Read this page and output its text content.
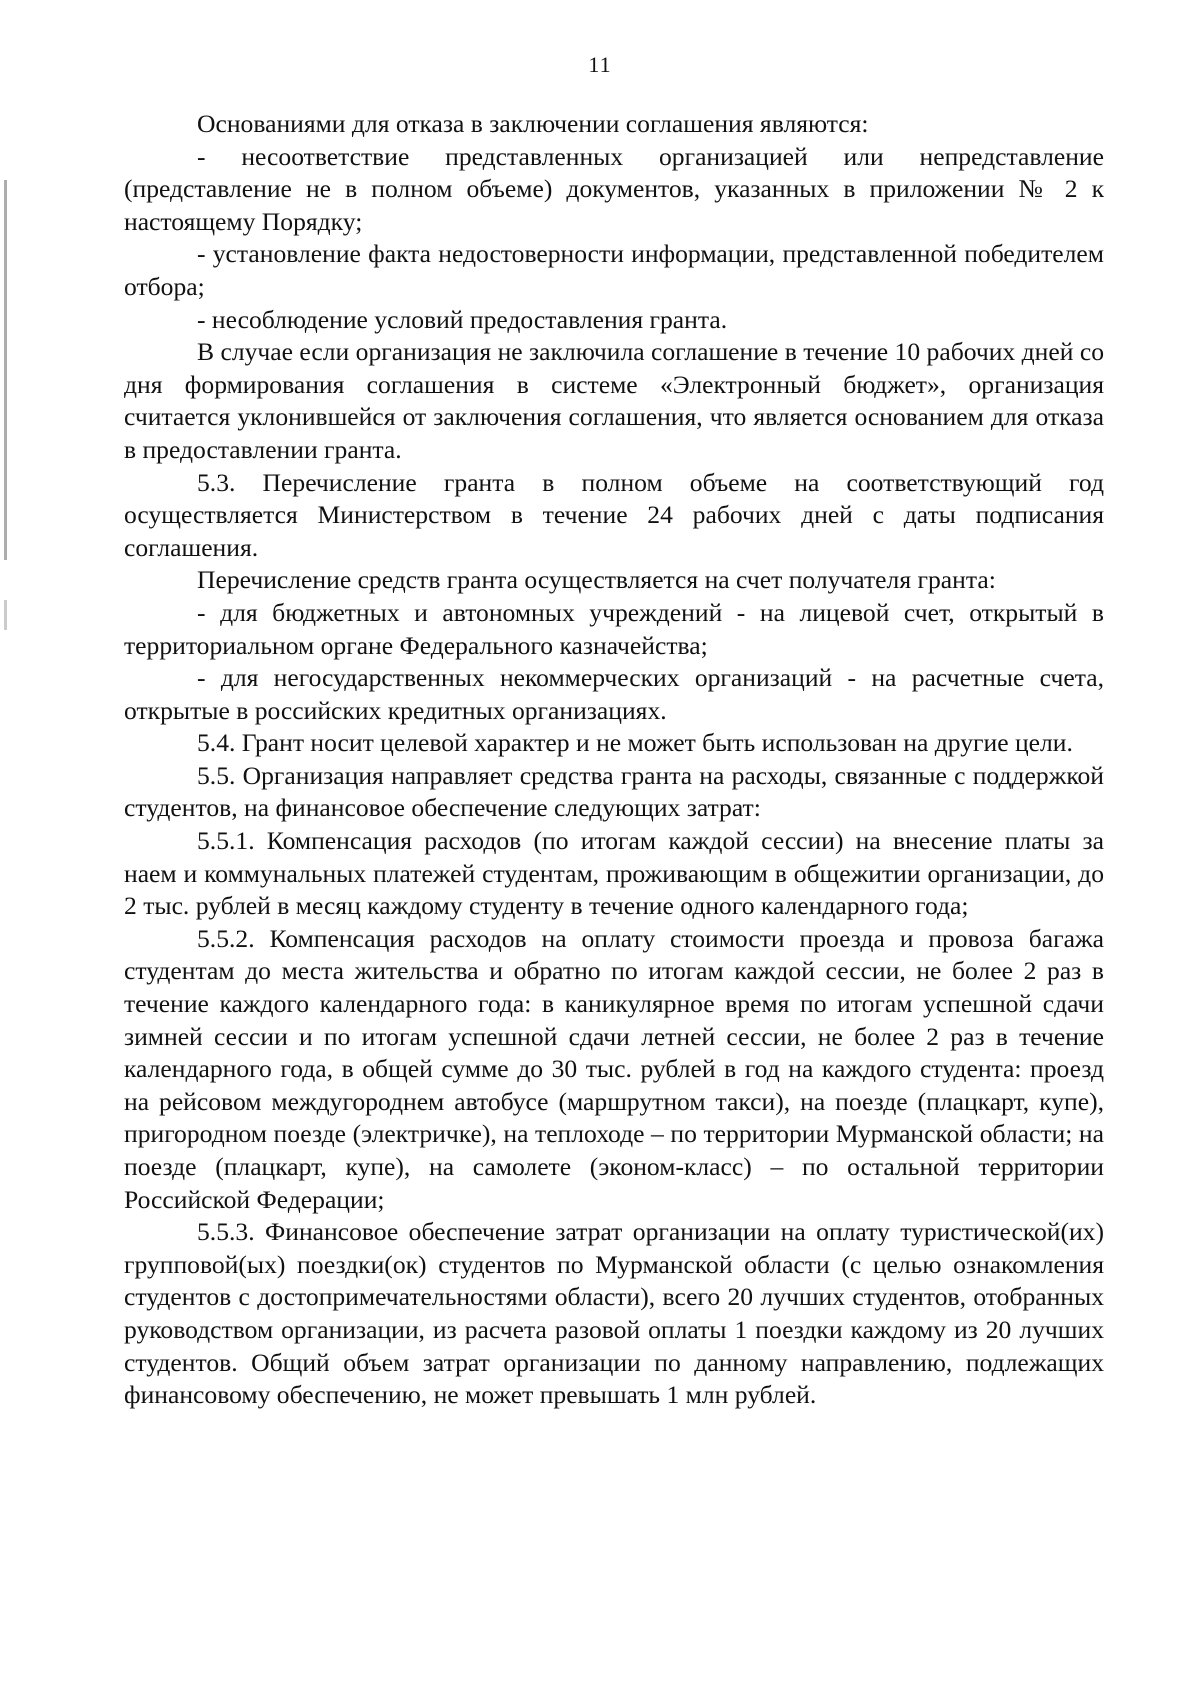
11

Основаниями для отказа в заключении соглашения являются:

- несоответствие представленных организацией или непредставление (представление не в полном объеме) документов, указанных в приложении № 2 к настоящему Порядку;

- установление факта недостоверности информации, представленной победителем отбора;

- несоблюдение условий предоставления гранта.

В случае если организация не заключила соглашение в течение 10 рабочих дней со дня формирования соглашения в системе «Электронный бюджет», организация считается уклонившейся от заключения соглашения, что является основанием для отказа в предоставлении гранта.

5.3. Перечисление гранта в полном объеме на соответствующий год осуществляется Министерством в течение 24 рабочих дней с даты подписания соглашения.

Перечисление средств гранта осуществляется на счет получателя гранта:

- для бюджетных и автономных учреждений - на лицевой счет, открытый в территориальном органе Федерального казначейства;

- для негосударственных некоммерческих организаций - на расчетные счета, открытые в российских кредитных организациях.

5.4. Грант носит целевой характер и не может быть использован на другие цели.

5.5. Организация направляет средства гранта на расходы, связанные с поддержкой студентов, на финансовое обеспечение следующих затрат:

5.5.1. Компенсация расходов (по итогам каждой сессии) на внесение платы за наем и коммунальных платежей студентам, проживающим в общежитии организации, до 2 тыс. рублей в месяц каждому студенту в течение одного календарного года;

5.5.2. Компенсация расходов на оплату стоимости проезда и провоза багажа студентам до места жительства и обратно по итогам каждой сессии, не более 2 раз в течение каждого календарного года: в каникулярное время по итогам успешной сдачи зимней сессии и по итогам успешной сдачи летней сессии, не более 2 раз в течение календарного года, в общей сумме до 30 тыс. рублей в год на каждого студента: проезд на рейсовом междугороднем автобусе (маршрутном такси), на поезде (плацкарт, купе), пригородном поезде (электричке), на теплоходе – по территории Мурманской области; на поезде (плацкарт, купе), на самолете (эконом-класс) – по остальной территории Российской Федерации;

5.5.3. Финансовое обеспечение затрат организации на оплату туристической(их) групповой(ых) поездки(ок) студентов по Мурманской области (с целью ознакомления студентов с достопримечательностями области), всего 20 лучших студентов, отобранных руководством организации, из расчета разовой оплаты 1 поездки каждому из 20 лучших студентов. Общий объем затрат организации по данному направлению, подлежащих финансовому обеспечению, не может превышать 1 млн рублей.
